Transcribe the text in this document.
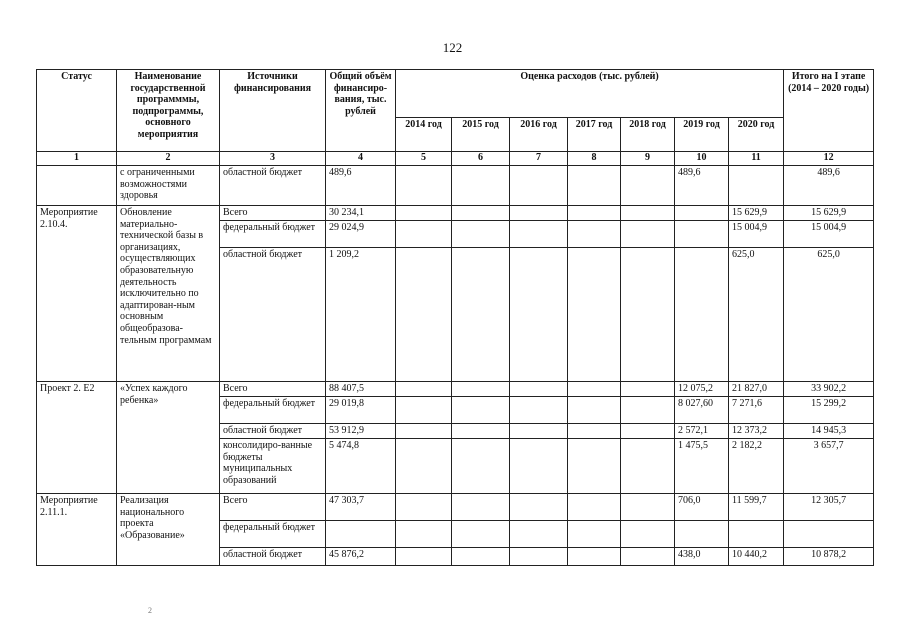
122
Статус	Наименование государственной программмы, подпрограммы, основного мероприятия	Источники финансирования	Общий объём финансиро-вания, тыс. рублей	Оценка расходов (тыс. рублей)							Итого на I этапе (2014 – 2020 годы)
				2014 год	2015 год	2016 год	2017 год	2018 год	2019 год	2020 год	
1	2	3	4	5	6	7	8	9	10	11	12
	с ограниченными возможностями здоровья	областной бюджет	489,6						489,6		489,6
Мероприятие 2.10.4.	Обновление материально-технической базы в организациях, осуществляющих образовательную деятельность исключительно по адаптирован-ным основным общеобразова-тельным программам	Всего	30 234,1							15 629,9	15 629,9
		федеральный бюджет	29 024,9							15 004,9	15 004,9
		областной бюджет	1 209,2							625,0	625,0
Проект 2. Е2	«Успех каждого ребенка»	Всего	88 407,5						12 075,2	21 827,0	33 902,2
		федеральный бюджет	29 019,8						8 027,60	7 271,6	15 299,2
		областной бюджет	53 912,9						2 572,1	12 373,2	14 945,3
		консолидиро-ванные бюджеты муниципальных образований	5 474,8						1 475,5	2 182,2	3 657,7
Мероприятие 2.11.1.	Реализация национального проекта «Образование»	Всего	47 303,7						706,0	11 599,7	12 305,7
		федеральный бюджет									
		областной бюджет	45 876,2						438,0	10 440,2	10 878,2
2
